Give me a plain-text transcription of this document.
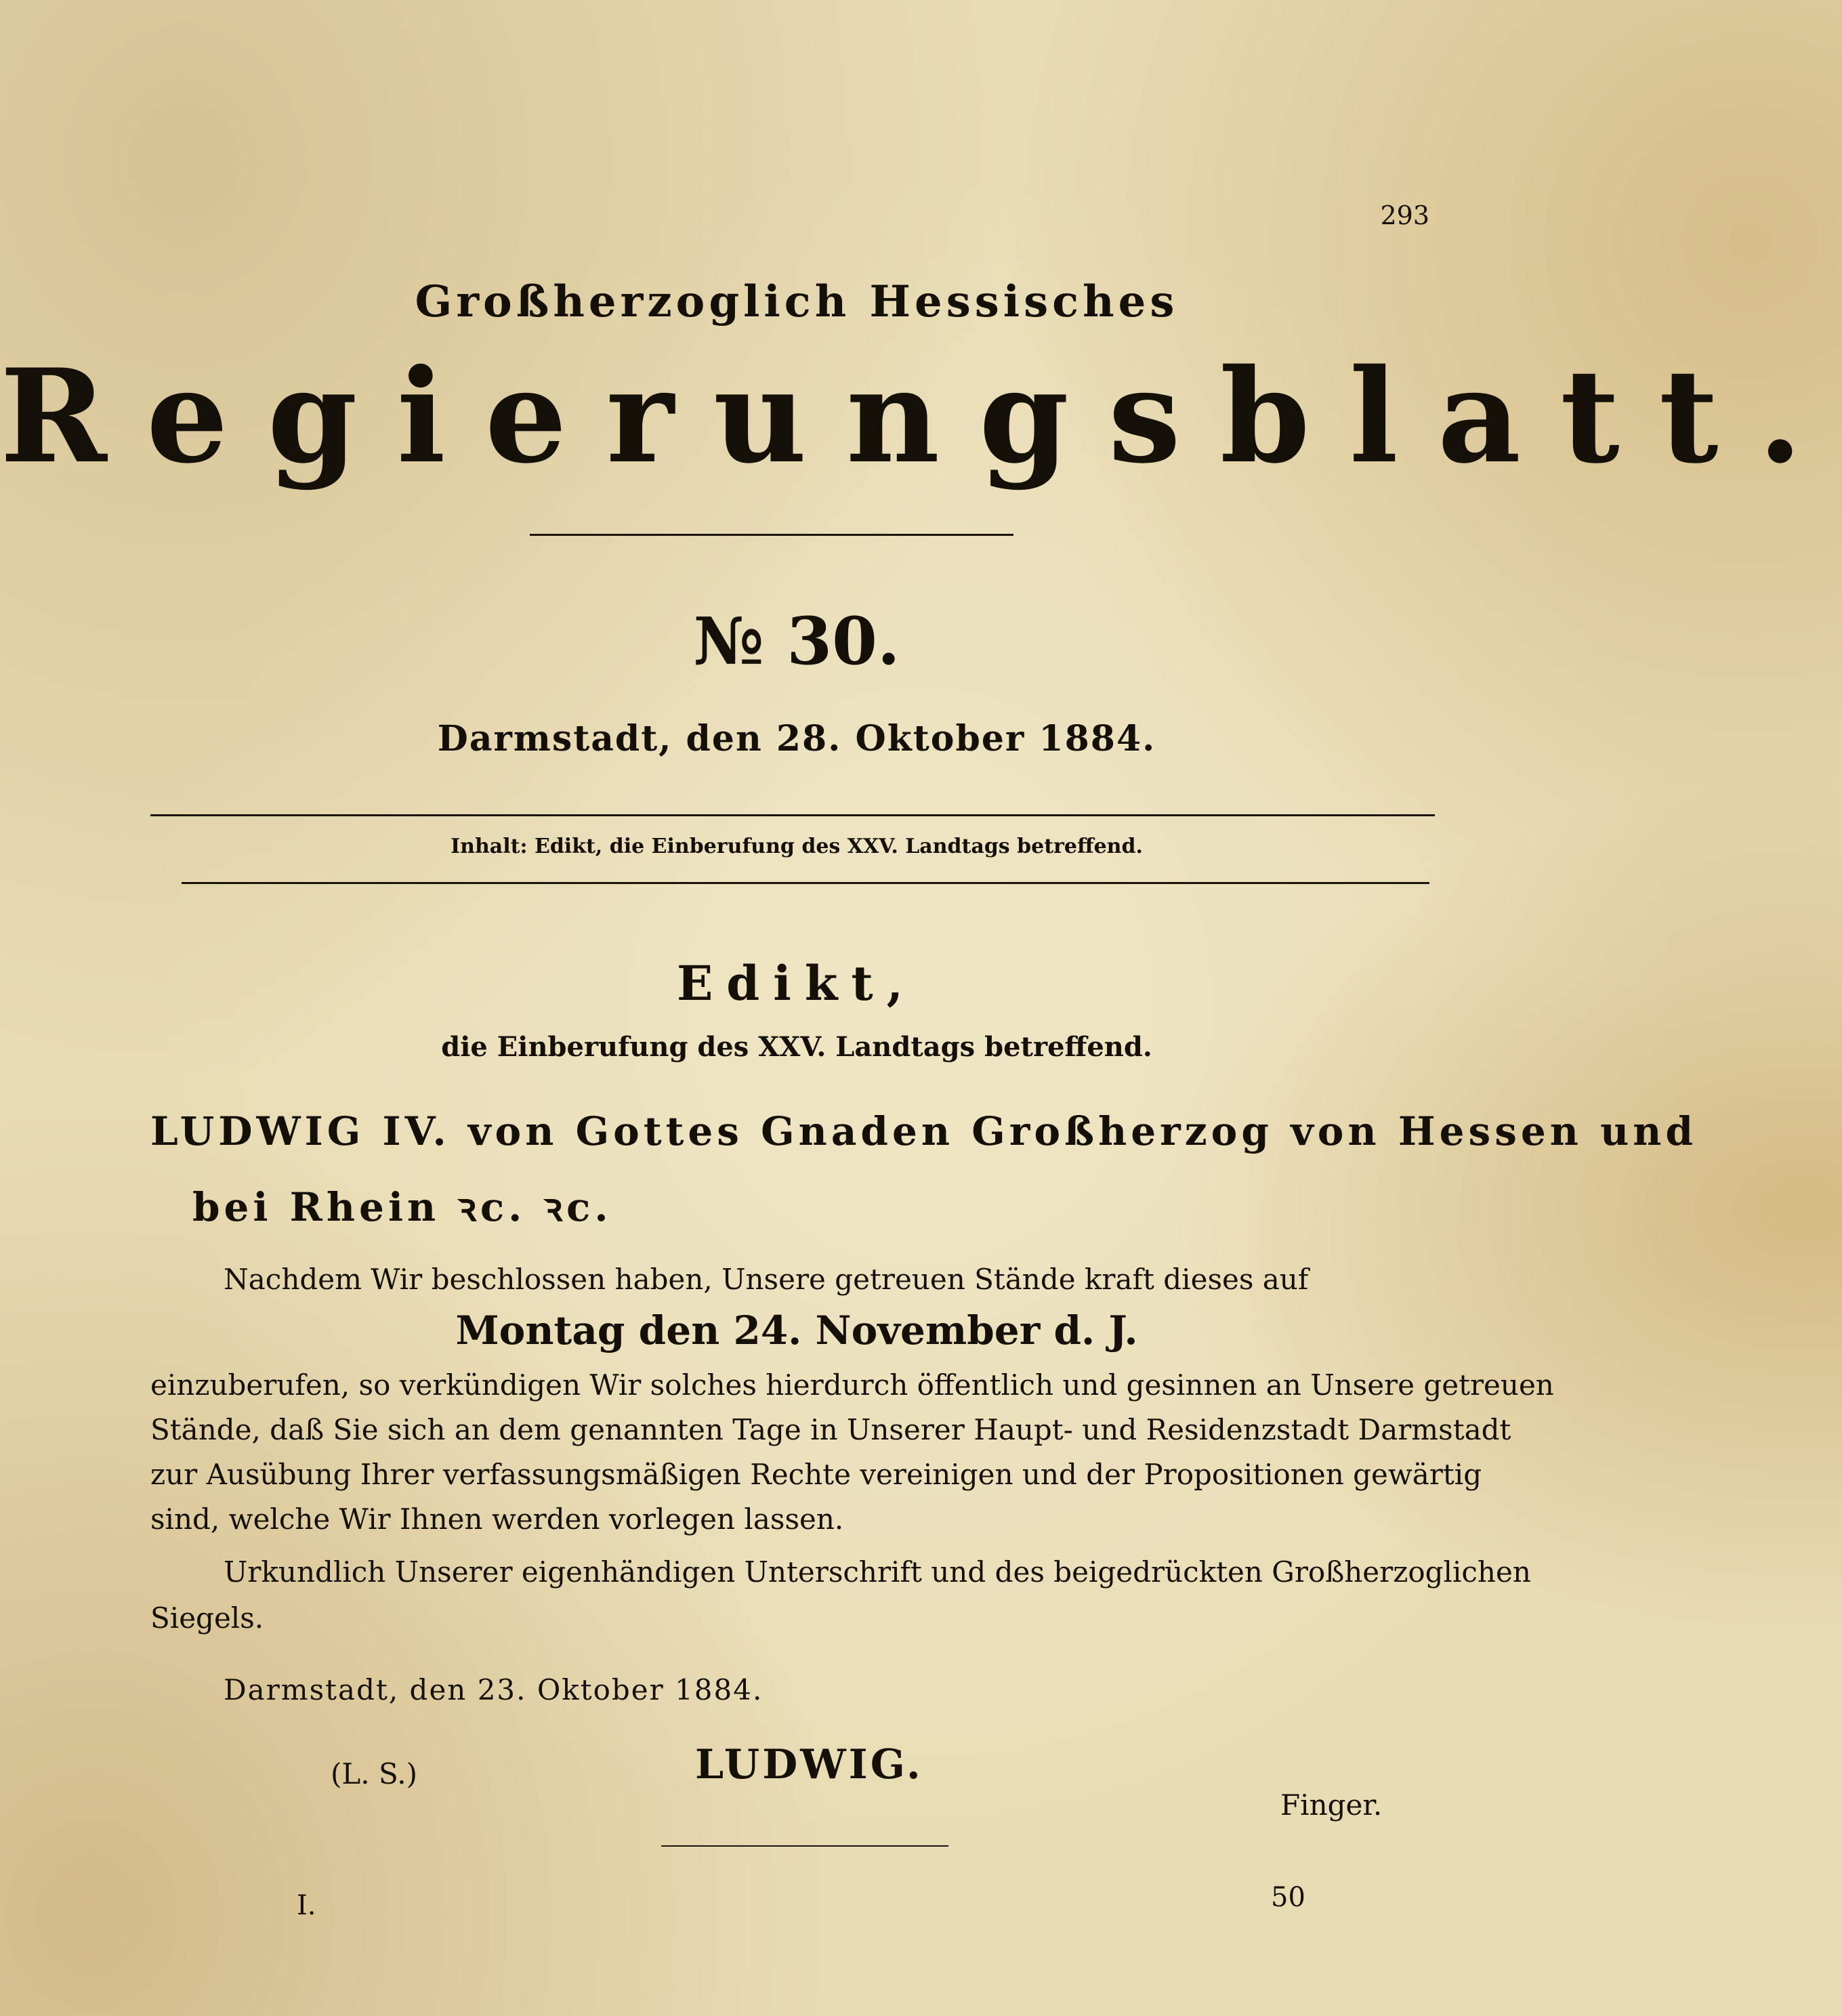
293
Großherzoglich Hessisches
Regierungsblatt.
№ 30.
Darmstadt, den 28. Oktober 1884.
Inhalt: Edikt, die Einberufung des XXV. Landtags betreffend.
Edikt,
die Einberufung des XXV. Landtags betreffend.
LUDWIG IV. von Gottes Gnaden Großherzog von Hessen und
bei Rhein ꝛc. ꝛc.
Nachdem Wir beschlossen haben, Unsere getreuen Stände kraft dieses auf
Montag den 24. November d. J.
einzuberufen, so verkündigen Wir solches hierdurch öffentlich und gesinnen an Unsere getreuen
Stände, daß Sie sich an dem genannten Tage in Unserer Haupt- und Residenzstadt Darmstadt
zur Ausübung Ihrer verfassungsmäßigen Rechte vereinigen und der Propositionen gewärtig
sind, welche Wir Ihnen werden vorlegen lassen.
Urkundlich Unserer eigenhändigen Unterschrift und des beigedrückten Großherzoglichen
Siegels.
Darmstadt, den 23. Oktober 1884.
(L. S.)	LUDWIG.
Finger.
I.	50
